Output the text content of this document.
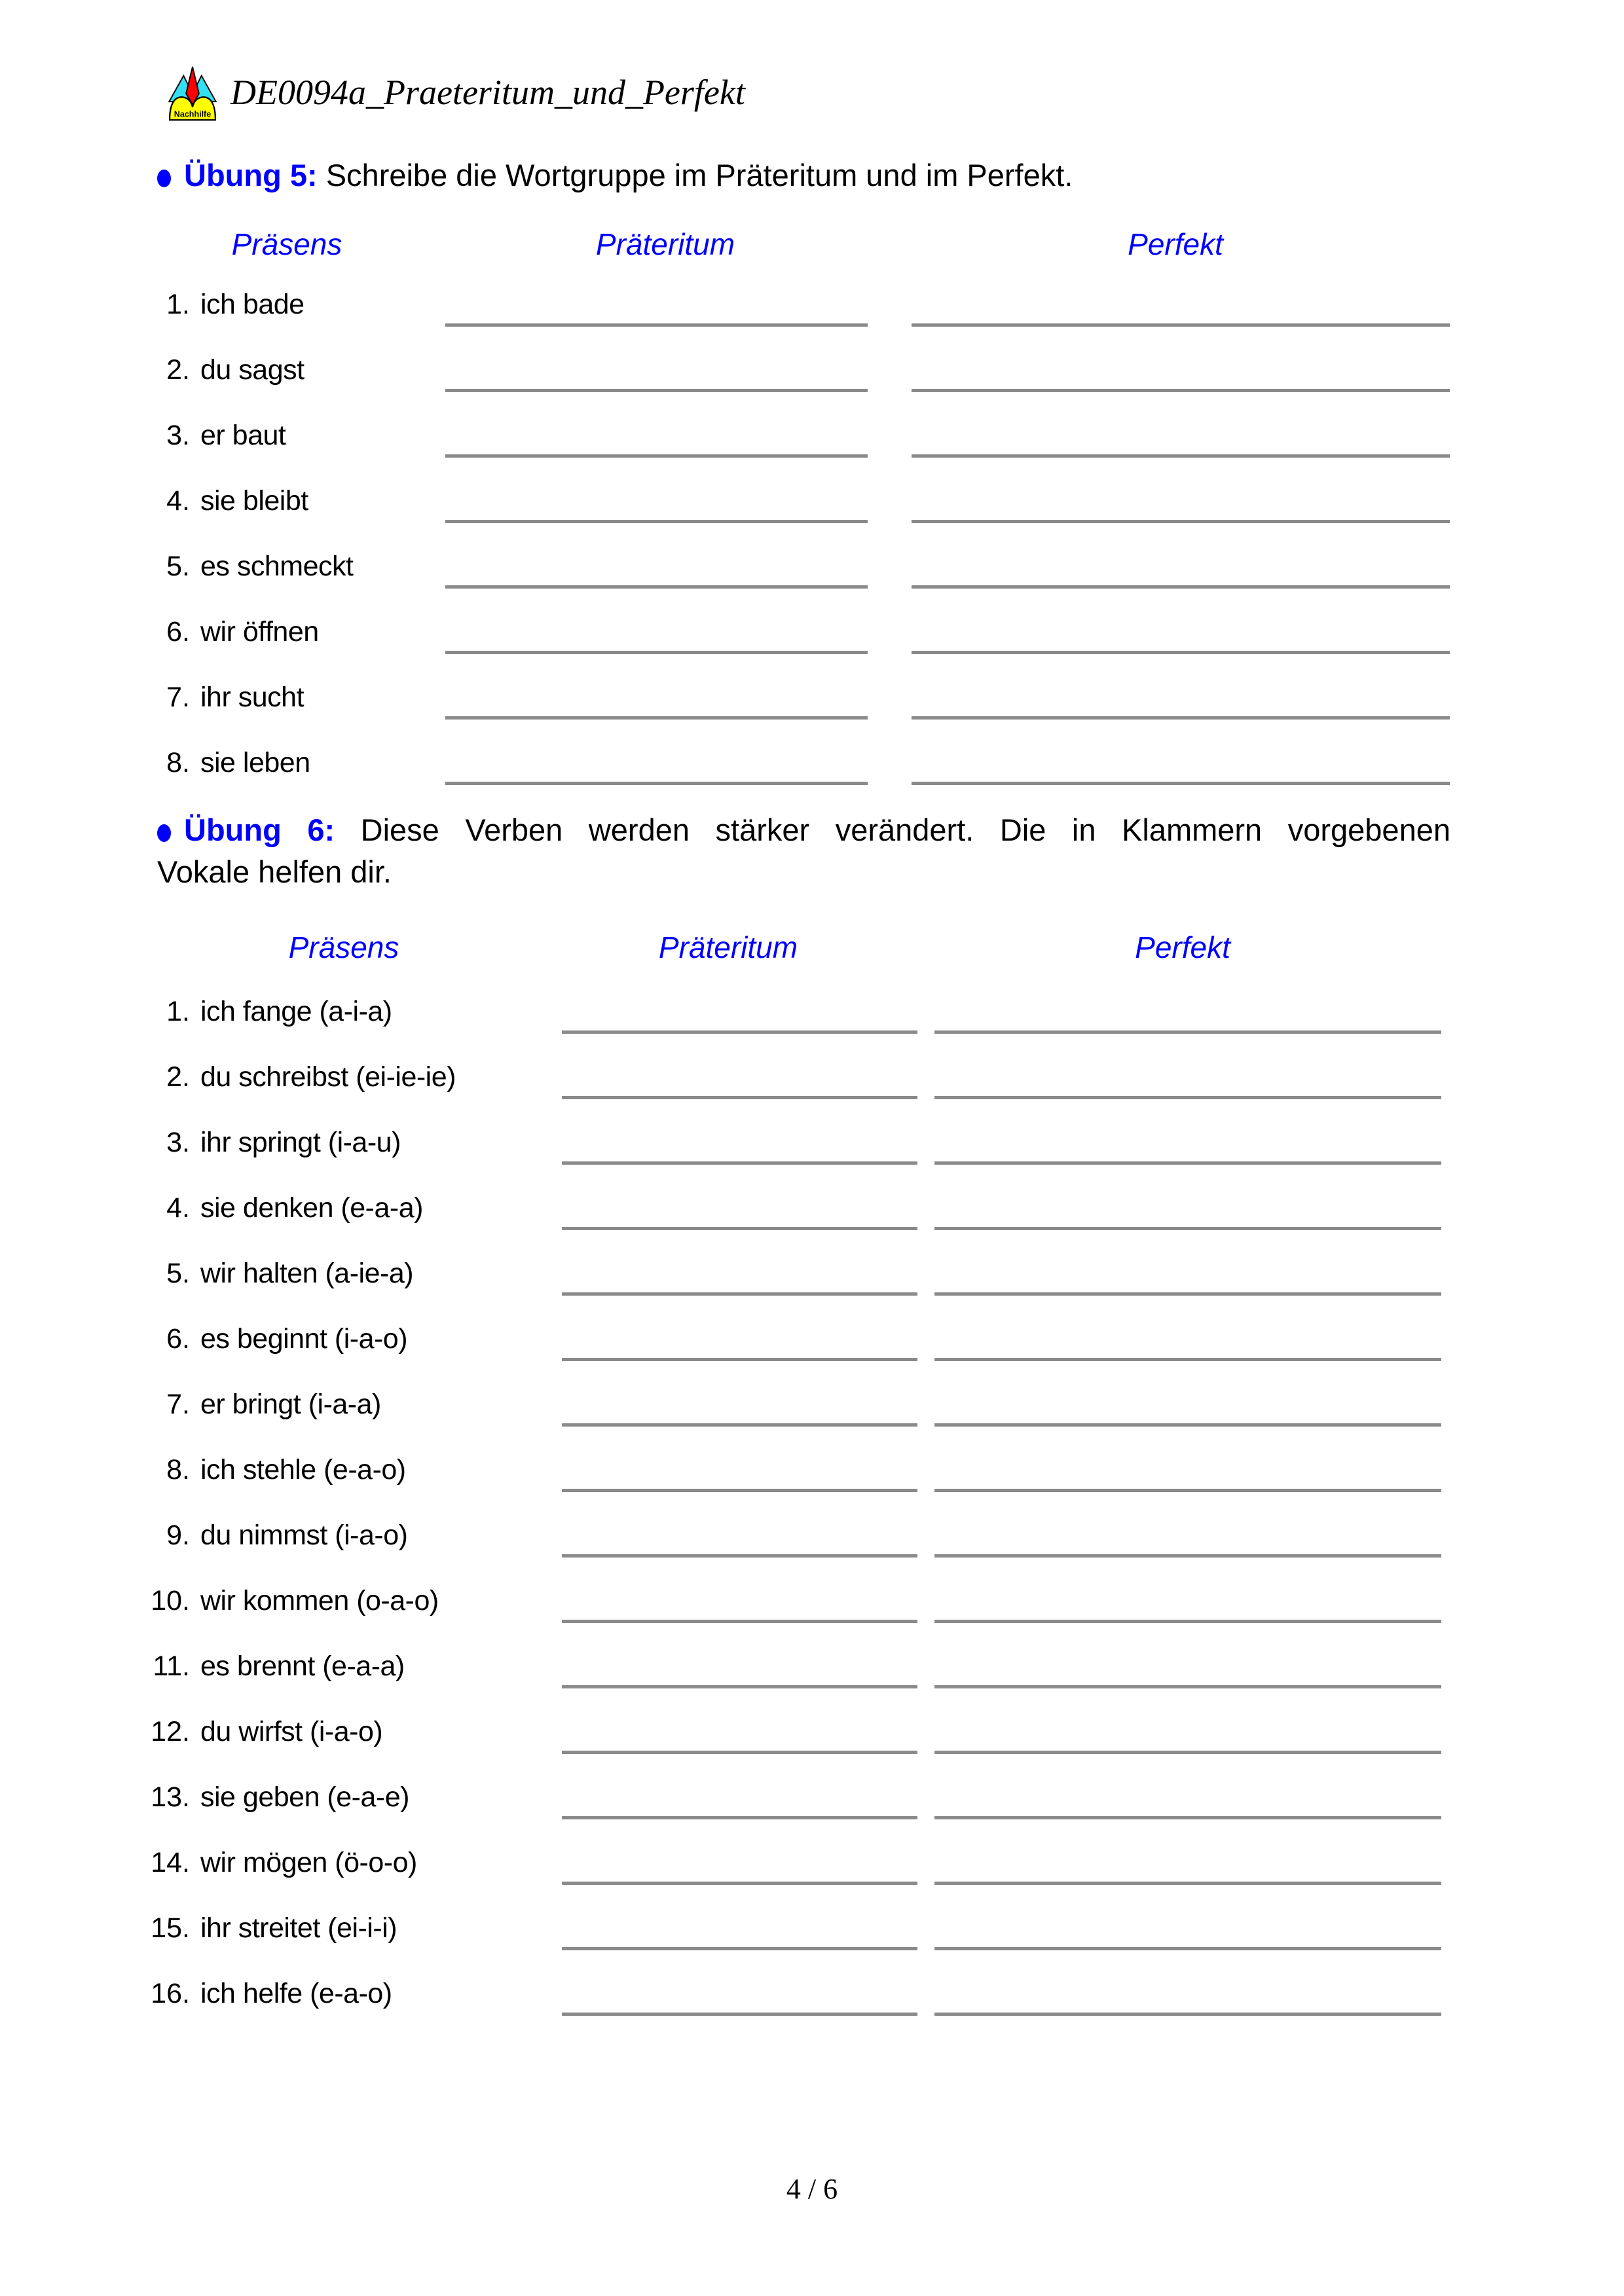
Nachhilfe
DE0094a_Praeteritum_und_Perfekt
Übung 5: Schreibe die Wortgruppe im Präteritum und im Perfekt.
Präsens	Präteritum	Perfekt
1. ich bade
2. du sagst
3. er baut
4. sie bleibt
5. es schmeckt
6. wir öffnen
7. ihr sucht
8. sie leben
Übung 6: Diese Verben werden stärker verändert. Die in Klammern vorgebenen
Vokale helfen dir.
Präsens	Präteritum	Perfekt
1. ich fange (a-i-a)
2. du schreibst (ei-ie-ie)
3. ihr springt (i-a-u)
4. sie denken (e-a-a)
5. wir halten (a-ie-a)
6. es beginnt (i-a-o)
7. er bringt (i-a-a)
8. ich stehle (e-a-o)
9. du nimmst (i-a-o)
10. wir kommen (o-a-o)
11. es brennt (e-a-a)
12. du wirfst (i-a-o)
13. sie geben (e-a-e)
14. wir mögen (ö-o-o)
15. ihr streitet (ei-i-i)
16. ich helfe (e-a-o)
4 / 6
